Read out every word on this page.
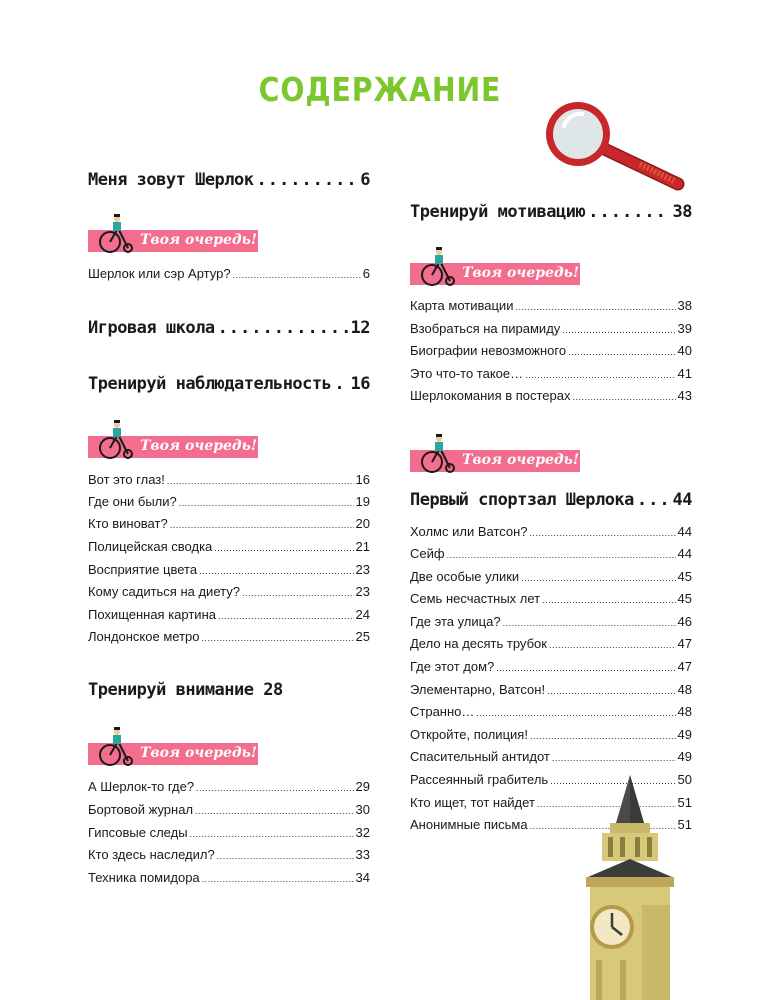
СОДЕРЖАНИЕ
Меня зовут Шерлок .....	6
Твоя очередь!
Шерлок или сэр Артур? .....	6
Игровая школа .....	12
Тренируй наблюдательность ..... 16
Твоя очередь!
Вот это глаз! .....	16
Где они были? .....	19
Кто виноват? .....	20
Полицейская сводка .....	21
Восприятие цвета .....	23
Кому садиться на диету? .....	23
Похищенная картина .....	24
Лондонское метро .....	25
Тренируй внимание 28
Твоя очередь!
А Шерлок-то где? .....	29
Бортовой журнал .....	30
Гипсовые следы .....	32
Кто здесь наследил? .....	33
Техника помидора .....	34
Тренируй мотивацию .....	38
Твоя очередь!
Карта мотивации .....	38
Взобраться на пирамиду .....	39
Биографии невозможного .....	40
Это что-то такое… .....	41
Шерлокомания в постерах .....	43
Твоя очередь!
Первый спортзал Шерлока ..... 44
Холмс или Ватсон? .....	44
Сейф .....	44
Две особые улики .....	45
Семь несчастных лет .....	45
Где эта улица? .....	46
Дело на десять трубок .....	47
Где этот дом? .....	47
Элементарно, Ватсон! .....	48
Странно… .....	48
Откройте, полиция! .....	49
Спасительный антидот .....	49
Рассеянный грабитель .....	50
Кто ищет, тот найдет .....	51
Анонимные письма .....	51
